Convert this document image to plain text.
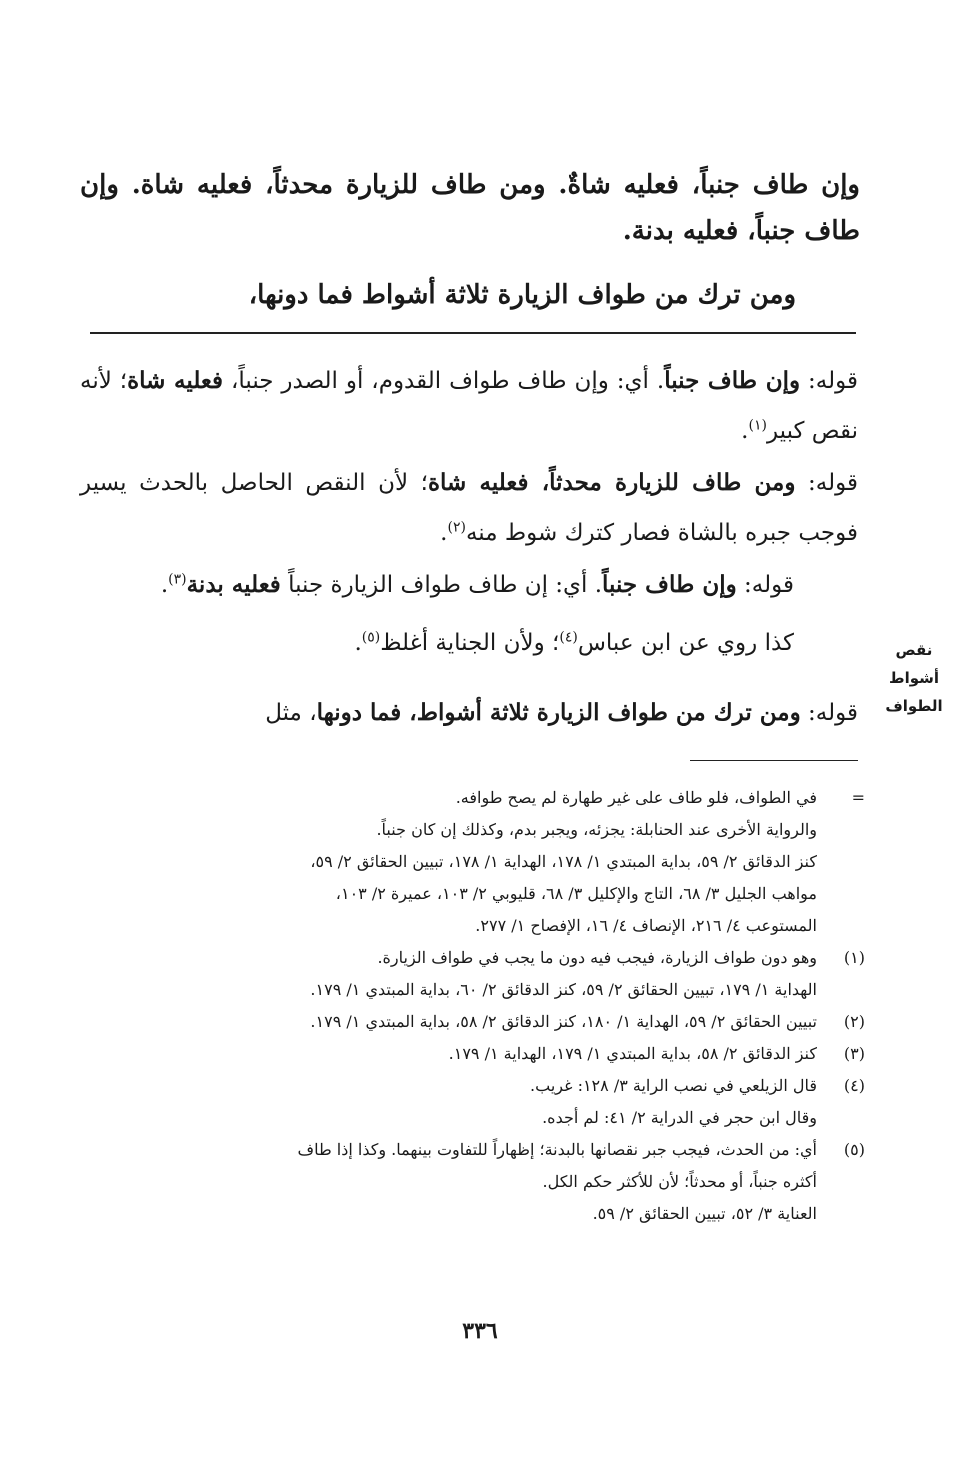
وإن طاف جنباً، فعليه شاةٌ. ومن طاف للزيارة محدثاً، فعليه شاة. وإن طاف جنباً، فعليه بدنة.
ومن ترك من طواف الزيارة ثلاثة أشواط فما دونها،
قوله: وإن طاف جنباً. أي: وإن طاف طواف القدوم، أو الصدر جنباً، فعليه شاة؛ لأنه نقص كبير$^{(١)}$.
قوله: ومن طاف للزيارة محدثاً، فعليه شاة؛ لأن النقص الحاصل بالحدث يسير فوجب جبره بالشاة فصار كترك شوط منه$^{(٢)}$.
قوله: وإن طاف جنباً. أي: إن طاف طواف الزيارة جنباً فعليه بدنة$^{(٣)}$.
كذا روي عن ابن عباس$^{(٤)}$؛ ولأن الجناية أغلظ$^{(٥)}$.
قوله: ومن ترك من طواف الزيارة ثلاثة أشواط، فما دونها، مثل
نقص
أشواط
الطواف
=
في الطواف، فلو طاف على غير طهارة لم يصح طوافه.
والرواية الأخرى عند الحنابلة: يجزئه، ويجبر بدم، وكذلك إن كان جنباً.
كنز الدقائق ٢/ ٥٩، بداية المبتدي ١/ ١٧٨، الهداية ١/ ١٧٨، تبيين الحقائق ٢/ ٥٩،
مواهب الجليل ٣/ ٦٨، التاج والإكليل ٣/ ٦٨، قليوبي ٢/ ١٠٣، عميرة ٢/ ١٠٣،
المستوعب ٤/ ٢١٦، الإنصاف ٤/ ١٦، الإفصاح ١/ ٢٧٧.
(١)
وهو دون طواف الزيارة، فيجب فيه دون ما يجب في طواف الزيارة.
الهداية ١/ ١٧٩، تبيين الحقائق ٢/ ٥٩، كنز الدقائق ٢/ ٦٠، بداية المبتدي ١/ ١٧٩.
(٢)
تبيين الحقائق ٢/ ٥٩، الهداية ١/ ١٨٠، كنز الدقائق ٢/ ٥٨، بداية المبتدي ١/ ١٧٩.
(٣)
كنز الدقائق ٢/ ٥٨، بداية المبتدي ١/ ١٧٩، الهداية ١/ ١٧٩.
(٤)
قال الزيلعي في نصب الراية ٣/ ١٢٨: غريب.
وقال ابن حجر في الدراية ٢/ ٤١: لم أجده.
(٥)
أي: من الحدث، فيجب جبر نقصانها بالبدنة؛ إظهاراً للتفاوت بينهما. وكذا إذا طاف
أكثره جنباً، أو محدثاً؛ لأن للأكثر حكم الكل.
العناية ٣/ ٥٢، تبيين الحقائق ٢/ ٥٩.
٣٣٦
